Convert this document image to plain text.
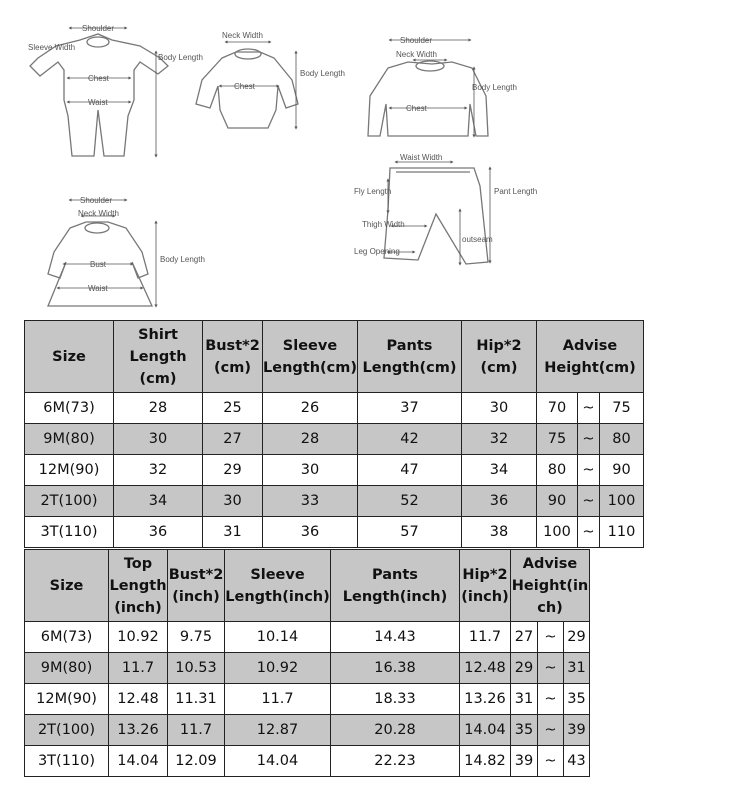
Shoulder
Sleeve Width
Body Length
Chest
Waist
Neck Width
Chest
Body Length
Shoulder
Neck Width
Chest
Body Length
Waist Width
Fly Length
Thigh Width
Leg Opening
outseam
Pant Length
Shoulder
Neck Width
Bust
Waist
Body Length
Size	Shirt Length (cm)	Bust*2 (cm)	Sleeve Length(cm)	Pants Length(cm)	Hip*2 (cm)	Advise Height(cm)		
6M(73)	28	25	26	37	30	70	~	75
9M(80)	30	27	28	42	32	75	~	80
12M(90)	32	29	30	47	34	80	~	90
2T(100)	34	30	33	52	36	90	~	100
3T(110)	36	31	36	57	38	100	~	110
Size	Top Length (inch)	Bust*2 (inch)	Sleeve Length(inch)	Pants Length(inch)	Hip*2 (inch)	Advise Height(in ch)		
6M(73)	10.92	9.75	10.14	14.43	11.7	27	~	29
9M(80)	11.7	10.53	10.92	16.38	12.48	29	~	31
12M(90)	12.48	11.31	11.7	18.33	13.26	31	~	35
2T(100)	13.26	11.7	12.87	20.28	14.04	35	~	39
3T(110)	14.04	12.09	14.04	22.23	14.82	39	~	43
